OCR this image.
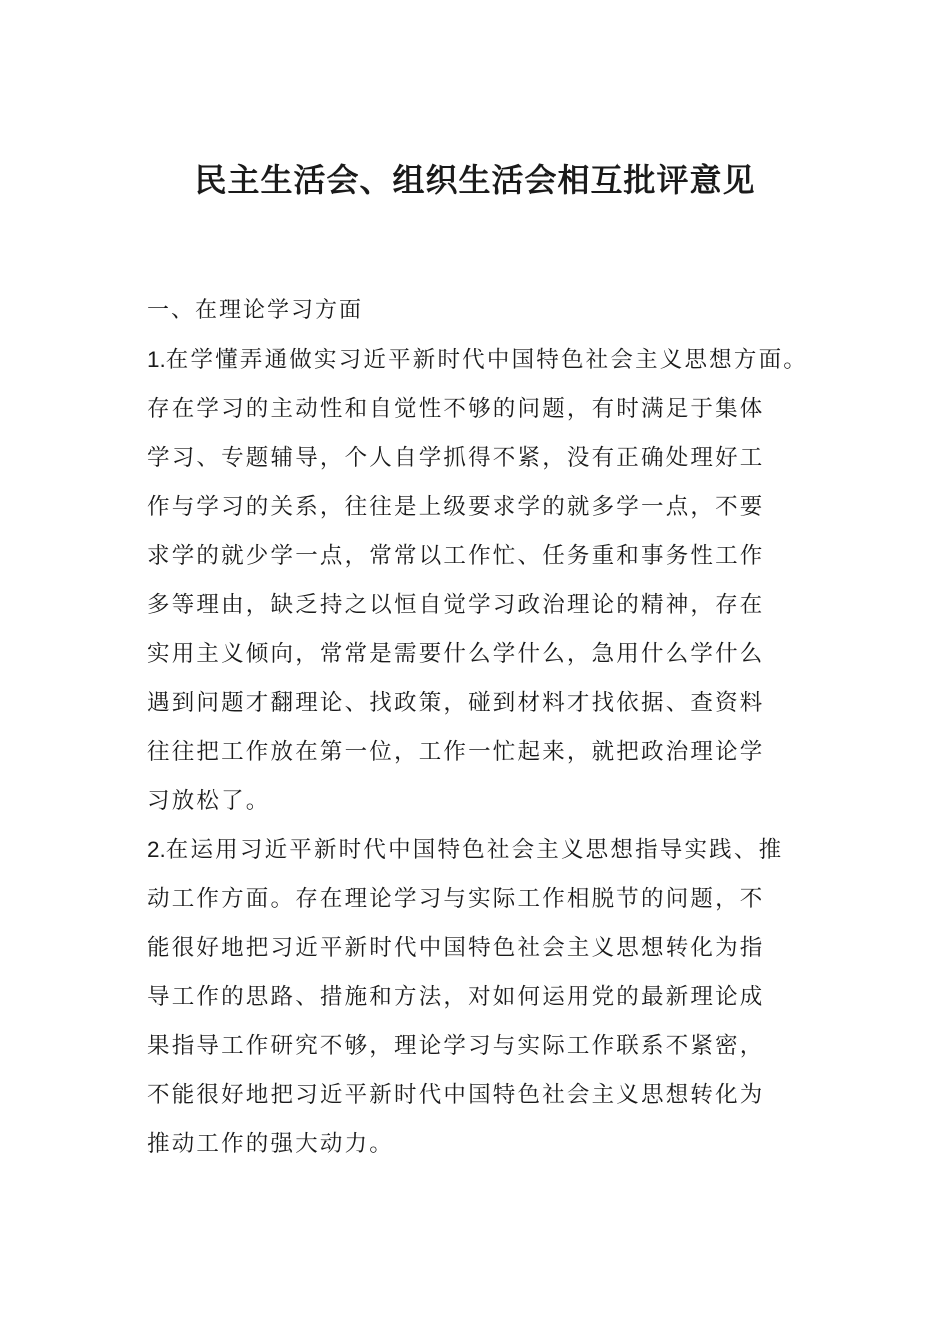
民主生活会、组织生活会相互批评意见
一、在理论学习方面
1.在学懂弄通做实习近平新时代中国特色社会主义思想方面。
存在学习的主动性和自觉性不够的问题，有时满足于集体
学习、专题辅导，个人自学抓得不紧，没有正确处理好工
作与学习的关系，往往是上级要求学的就多学一点，不要
求学的就少学一点，常常以工作忙、任务重和事务性工作
多等理由，缺乏持之以恒自觉学习政治理论的精神，存在
实用主义倾向，常常是需要什么学什么，急用什么学什么
遇到问题才翻理论、找政策，碰到材料才找依据、查资料
往往把工作放在第一位，工作一忙起来，就把政治理论学
习放松了。
2.在运用习近平新时代中国特色社会主义思想指导实践、推
动工作方面。存在理论学习与实际工作相脱节的问题，不
能很好地把习近平新时代中国特色社会主义思想转化为指
导工作的思路、措施和方法，对如何运用党的最新理论成
果指导工作研究不够，理论学习与实际工作联系不紧密，
不能很好地把习近平新时代中国特色社会主义思想转化为
推动工作的强大动力。
